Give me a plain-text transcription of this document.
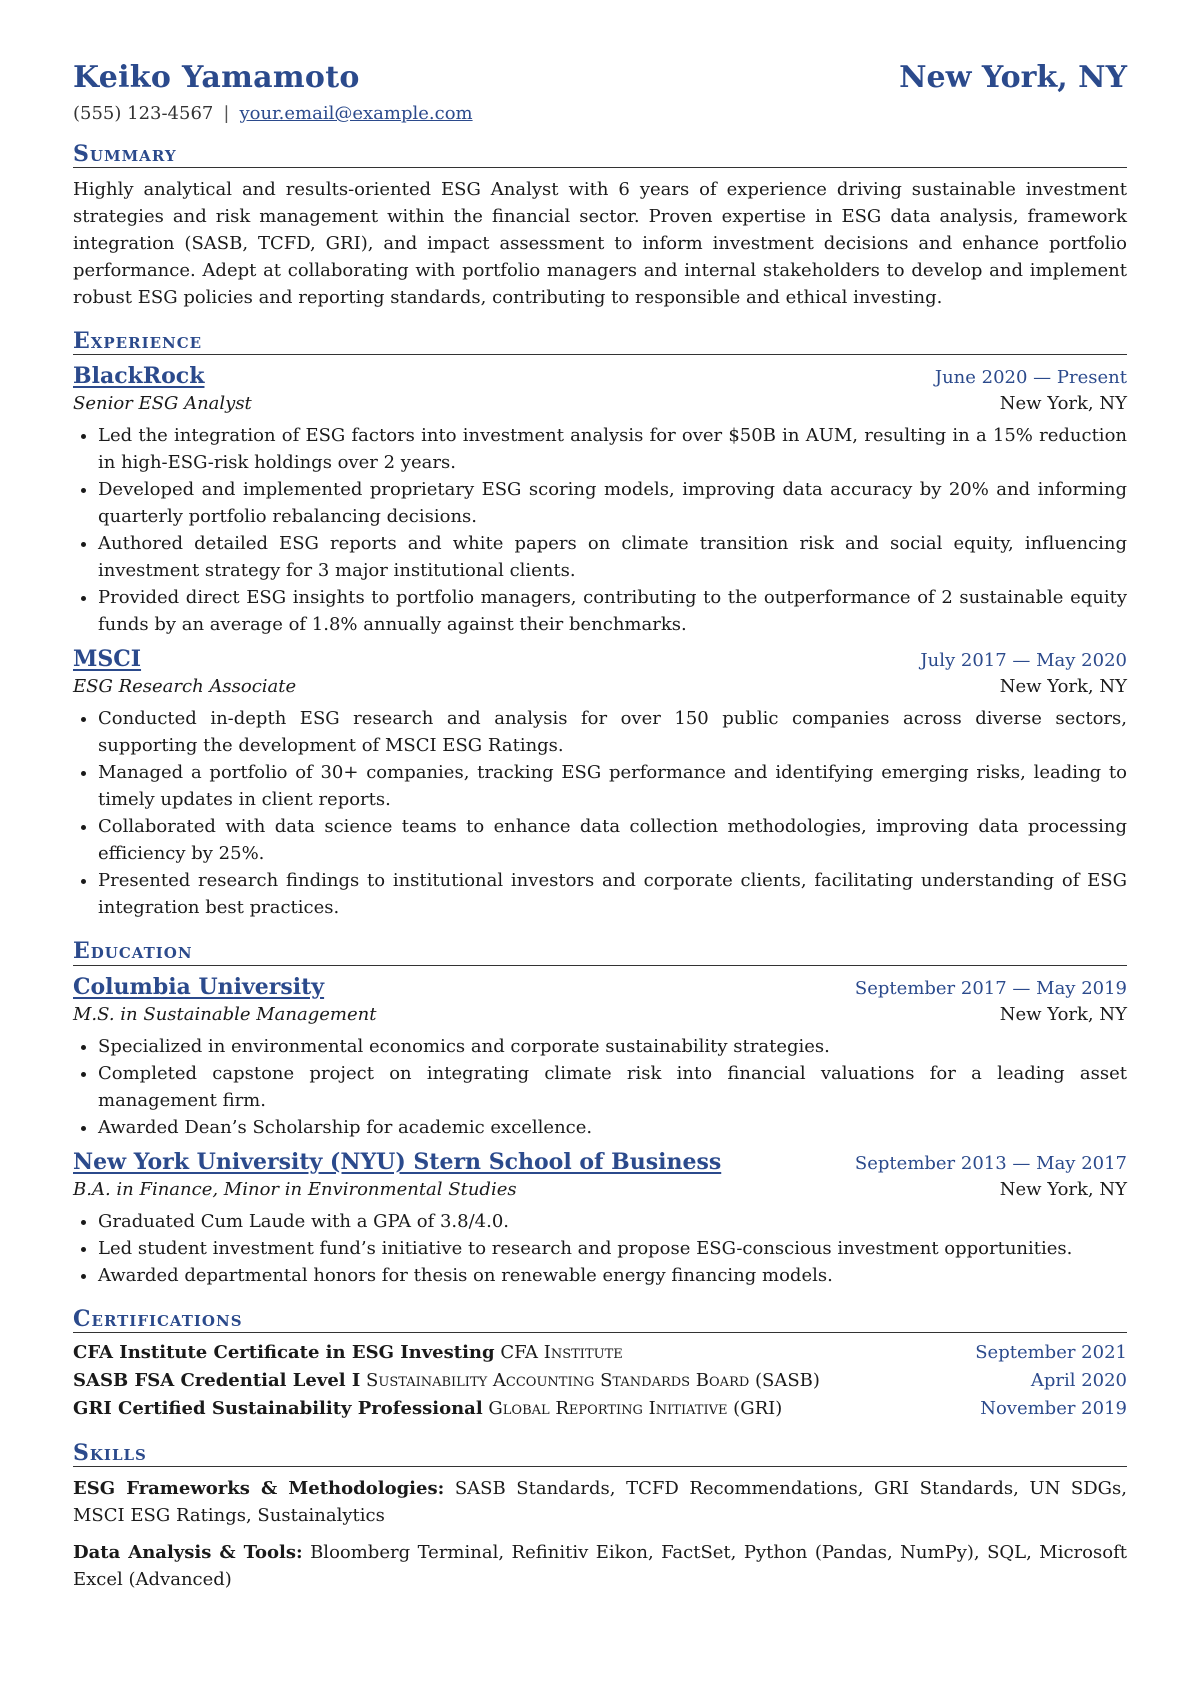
Keiko Yamamoto	New York, NY
(555) 123-4567 | your.email@example.com
Summary
Highly analytical and results-oriented ESG Analyst with 6 years of experience driving sustainable investment strategies and risk management within the financial sector. Proven expertise in ESG data analysis, framework integration (SASB, TCFD, GRI), and impact assessment to inform investment decisions and enhance portfolio performance. Adept at collaborating with portfolio managers and internal stakeholders to develop and implement robust ESG policies and reporting standards, contributing to responsible and ethical investing.
Experience
BlackRock	June 2020 — Present
Senior ESG Analyst	New York, NY
• Led the integration of ESG factors into investment analysis for over $50B in AUM, resulting in a 15% reduction in high-ESG-risk holdings over 2 years.
• Developed and implemented proprietary ESG scoring models, improving data accuracy by 20% and informing quarterly portfolio rebalancing decisions.
• Authored detailed ESG reports and white papers on climate transition risk and social equity, influencing investment strategy for 3 major institutional clients.
• Provided direct ESG insights to portfolio managers, contributing to the outperformance of 2 sustainable equity funds by an average of 1.8% annually against their benchmarks.
MSCI	July 2017 — May 2020
ESG Research Associate	New York, NY
• Conducted in-depth ESG research and analysis for over 150 public companies across diverse sectors, supporting the development of MSCI ESG Ratings.
• Managed a portfolio of 30+ companies, tracking ESG performance and identifying emerging risks, leading to timely updates in client reports.
• Collaborated with data science teams to enhance data collection methodologies, improving data processing efficiency by 25%.
• Presented research findings to institutional investors and corporate clients, facilitating understanding of ESG integration best practices.
Education
Columbia University	September 2017 — May 2019
M.S. in Sustainable Management	New York, NY
• Specialized in environmental economics and corporate sustainability strategies.
• Completed capstone project on integrating climate risk into financial valuations for a leading asset management firm.
• Awarded Dean’s Scholarship for academic excellence.
New York University (NYU) Stern School of Business	September 2013 — May 2017
B.A. in Finance, Minor in Environmental Studies	New York, NY
• Graduated Cum Laude with a GPA of 3.8/4.0.
• Led student investment fund’s initiative to research and propose ESG-conscious investment opportunities.
• Awarded departmental honors for thesis on renewable energy financing models.
Certifications
CFA Institute Certificate in ESG Investing CFA Institute	September 2021
SASB FSA Credential Level I Sustainability Accounting Standards Board (SASB)	April 2020
GRI Certified Sustainability Professional Global Reporting Initiative (GRI)	November 2019
Skills
ESG Frameworks & Methodologies: SASB Standards, TCFD Recommendations, GRI Standards, UN SDGs, MSCI ESG Ratings, Sustainalytics
Data Analysis & Tools: Bloomberg Terminal, Refinitiv Eikon, FactSet, Python (Pandas, NumPy), SQL, Microsoft Excel (Advanced)
